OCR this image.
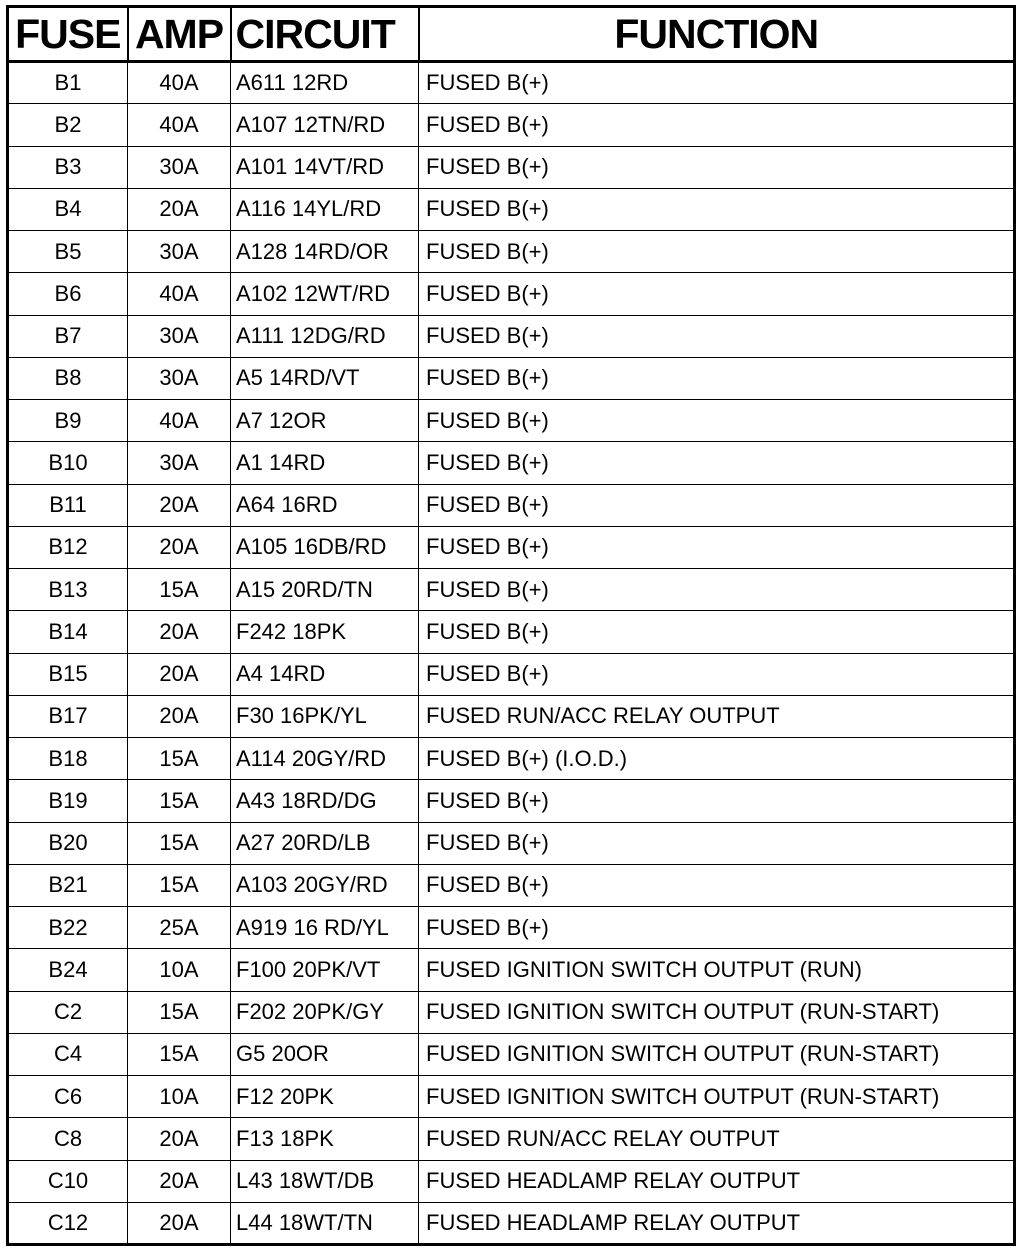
FUSE	AMP	CIRCUIT	FUNCTION
B1	40A	A611 12RD	FUSED B(+)
B2	40A	A107 12TN/RD	FUSED B(+)
B3	30A	A101 14VT/RD	FUSED B(+)
B4	20A	A116 14YL/RD	FUSED B(+)
B5	30A	A128 14RD/OR	FUSED B(+)
B6	40A	A102 12WT/RD	FUSED B(+)
B7	30A	A111 12DG/RD	FUSED B(+)
B8	30A	A5 14RD/VT	FUSED B(+)
B9	40A	A7 12OR	FUSED B(+)
B10	30A	A1 14RD	FUSED B(+)
B11	20A	A64 16RD	FUSED B(+)
B12	20A	A105 16DB/RD	FUSED B(+)
B13	15A	A15 20RD/TN	FUSED B(+)
B14	20A	F242 18PK	FUSED B(+)
B15	20A	A4 14RD	FUSED B(+)
B17	20A	F30 16PK/YL	FUSED RUN/ACC RELAY OUTPUT
B18	15A	A114 20GY/RD	FUSED B(+) (I.O.D.)
B19	15A	A43 18RD/DG	FUSED B(+)
B20	15A	A27 20RD/LB	FUSED B(+)
B21	15A	A103 20GY/RD	FUSED B(+)
B22	25A	A919 16 RD/YL	FUSED B(+)
B24	10A	F100 20PK/VT	FUSED IGNITION SWITCH OUTPUT (RUN)
C2	15A	F202 20PK/GY	FUSED IGNITION SWITCH OUTPUT (RUN-START)
C4	15A	G5 20OR	FUSED IGNITION SWITCH OUTPUT (RUN-START)
C6	10A	F12 20PK	FUSED IGNITION SWITCH OUTPUT (RUN-START)
C8	20A	F13 18PK	FUSED RUN/ACC RELAY OUTPUT
C10	20A	L43 18WT/DB	FUSED HEADLAMP RELAY OUTPUT
C12	20A	L44 18WT/TN	FUSED HEADLAMP RELAY OUTPUT
